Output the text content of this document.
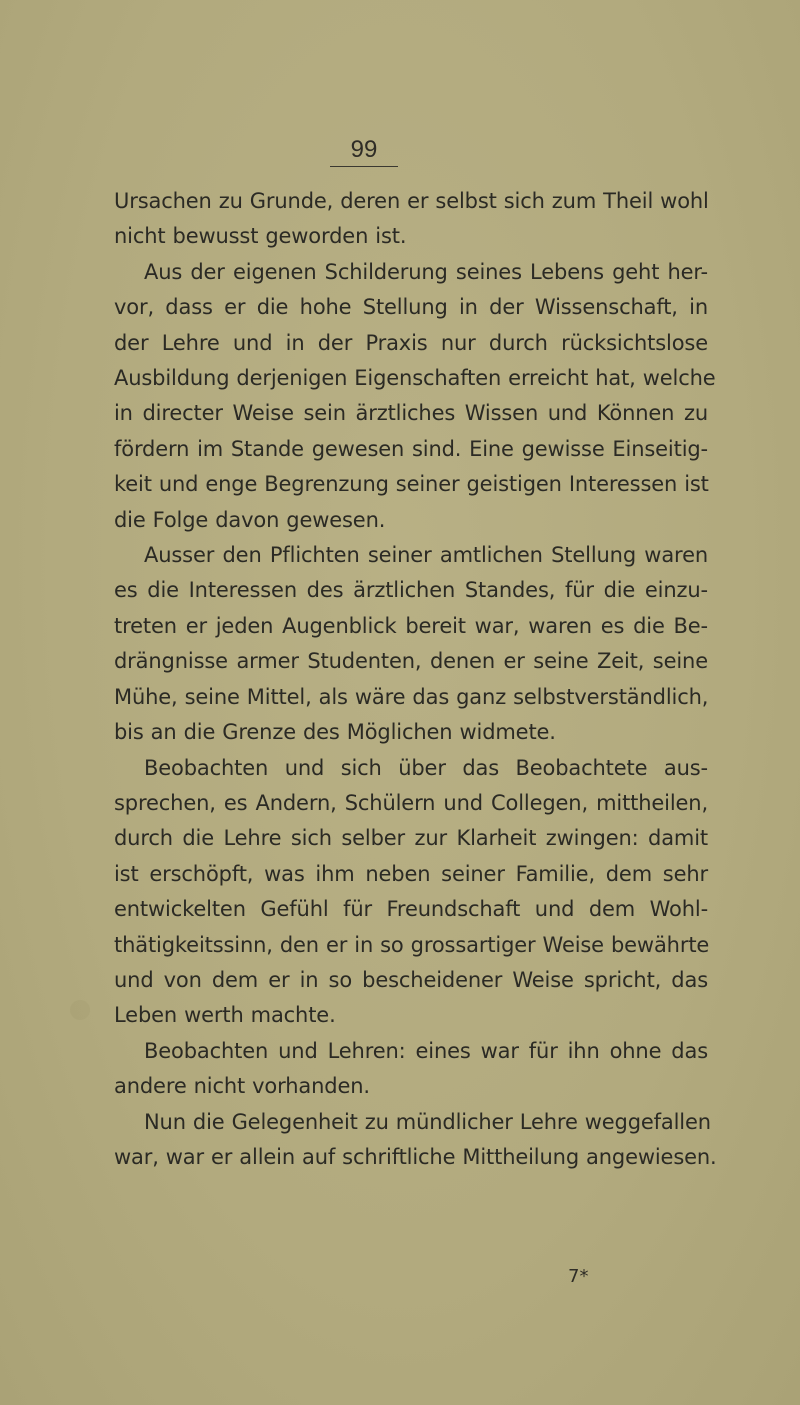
99
Ursachen zu Grunde, deren er selbst sich zum Theil wohl
nicht bewusst geworden ist.
Aus der eigenen Schilderung seines Lebens geht her-
vor, dass er die hohe Stellung in der Wissenschaft, in
der Lehre und in der Praxis nur durch rücksichtslose
Ausbildung derjenigen Eigenschaften erreicht hat, welche
in directer Weise sein ärztliches Wissen und Können zu
fördern im Stande gewesen sind. Eine gewisse Einseitig-
keit und enge Begrenzung seiner geistigen Interessen ist
die Folge davon gewesen.
Ausser den Pflichten seiner amtlichen Stellung waren
es die Interessen des ärztlichen Standes, für die einzu-
treten er jeden Augenblick bereit war, waren es die Be-
drängnisse armer Studenten, denen er seine Zeit, seine
Mühe, seine Mittel, als wäre das ganz selbstverständlich,
bis an die Grenze des Möglichen widmete.
Beobachten und sich über das Beobachtete aus-
sprechen, es Andern, Schülern und Collegen, mittheilen,
durch die Lehre sich selber zur Klarheit zwingen: damit
ist erschöpft, was ihm neben seiner Familie, dem sehr
entwickelten Gefühl für Freundschaft und dem Wohl-
thätigkeitssinn, den er in so grossartiger Weise bewährte
und von dem er in so bescheidener Weise spricht, das
Leben werth machte.
Beobachten und Lehren: eines war für ihn ohne das
andere nicht vorhanden.
Nun die Gelegenheit zu mündlicher Lehre weggefallen
war, war er allein auf schriftliche Mittheilung angewiesen.
7*
